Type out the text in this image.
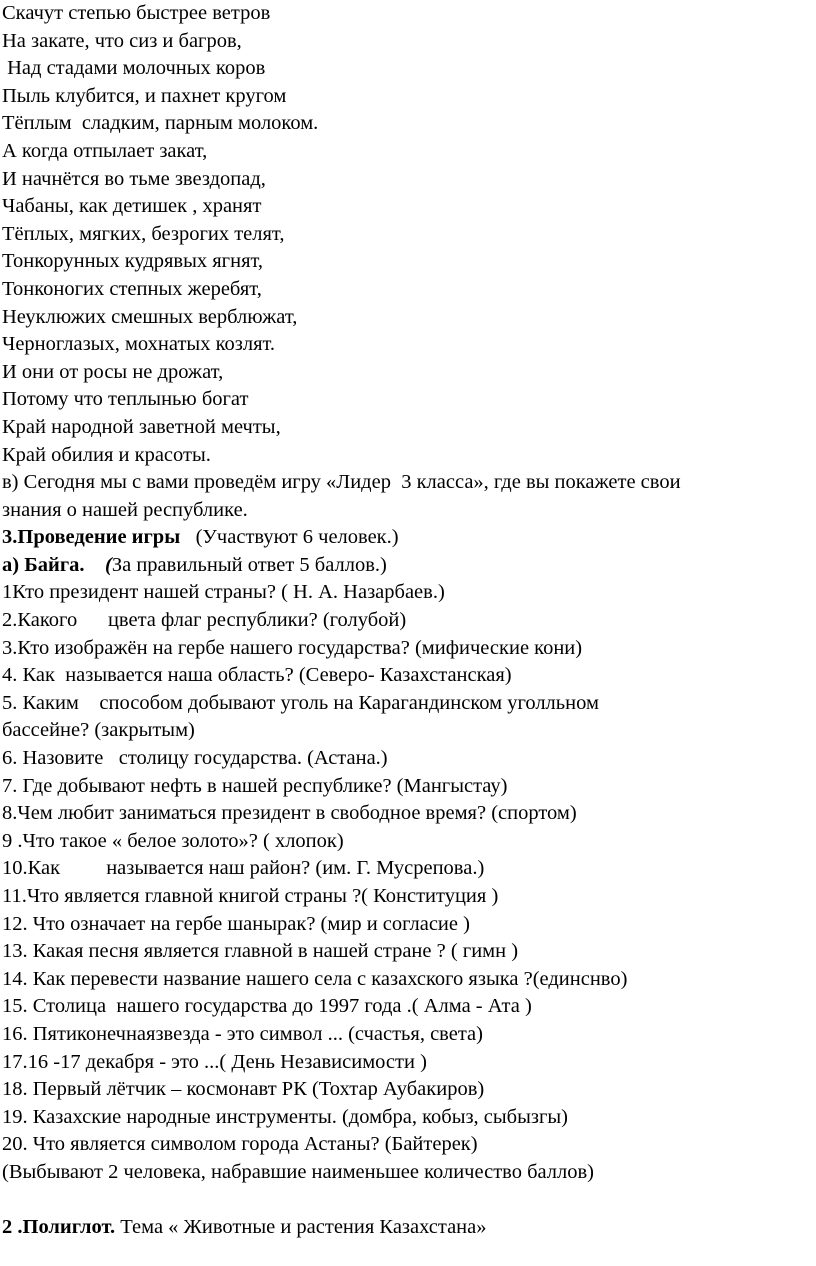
Скачут степью быстрее ветров
На закате, что сиз и багров,
Над стадами молочных коров
Пыль клубится, и пахнет кругом
Тёплым  сладким, парным молоком.
А когда отпылает закат,
И начнётся во тьме звездопад,
Чабаны, как детишек , хранят
Тёплых, мягких, безрогих телят,
Тонкорунных кудрявых ягнят,
Тонконогих степных жеребят,
Неуклюжих смешных верблюжат,
Черноглазых, мохнатых козлят.
И они от росы не дрожат,
Потому что теплынью богат
Край народной заветной мечты,
Край обилия и красоты.
в) Сегодня мы с вами проведём игру «Лидер  3 класса», где вы покажете свои
знания о нашей республике.
3.Проведение игры   (Участвуют 6 человек.)
а) Байга. (За правильный ответ 5 баллов.)
1Кто президент нашей страны? ( Н. А. Назарбаев.)
2.Какого      цвета флаг республики? (голубой)
3.Кто изображён на гербе нашего государства? (мифические кони)
4. Как  называется наша область? (Северо- Казахстанская)
5. Каким    способом добывают уголь на Карагандинском уголльном
бассейне? (закрытым)
6. Назовите   столицу государства. (Астана.)
7. Где добывают нефть в нашей республике? (Мангыстау)
8.Чем любит заниматься президент в свободное время? (спортом)
9 .Что такое « белое золото»? ( хлопок)
10.Как         называется наш район? (им. Г. Мусрепова.)
11.Что является главной книгой страны ?( Конституция )
12. Что означает на гербе шанырак? (мир и согласие )
13. Какая песня является главной в нашей стране ? ( гимн )
14. Как перевести название нашего села с казахского языка ?(единснво)
15. Столица  нашего государства до 1997 года .( Алма - Ата )
16. Пятиконечнаязвезда - это символ ... (счастья, света)
17.16 -17 декабря - это ...( День Независимости )
18. Первый лётчик – космонавт РК (Тохтар Аубакиров)
19. Казахские народные инструменты. (домбра, кобыз, сыбызгы)
20. Что является символом города Астаны? (Байтерек)
(Выбывают 2 человека, набравшие наименьшее количество баллов)
2 .Полиглот. Тема « Животные и растения Казахстана»
